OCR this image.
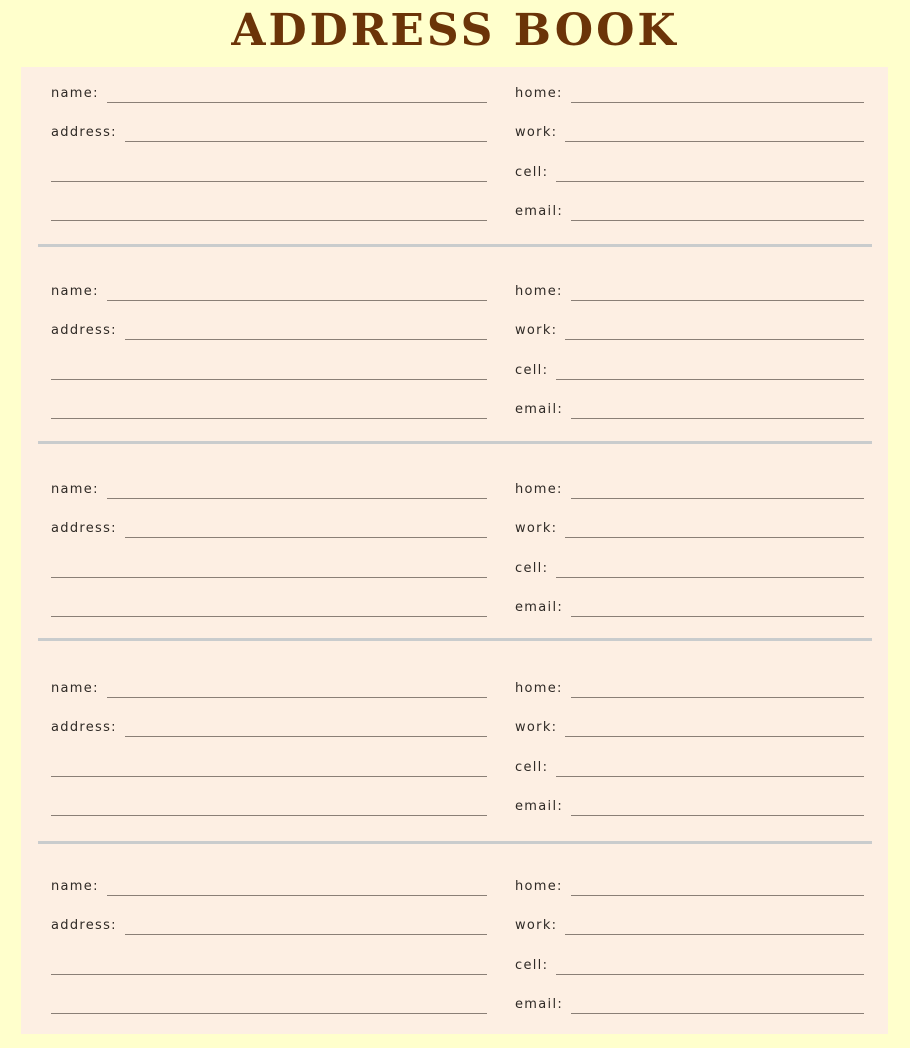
ADDRESS BOOK
name:
address:
home:
work:
cell:
email:
name:
address:
home:
work:
cell:
email:
name:
address:
home:
work:
cell:
email:
name:
address:
home:
work:
cell:
email:
name:
address:
home:
work:
cell:
email:
